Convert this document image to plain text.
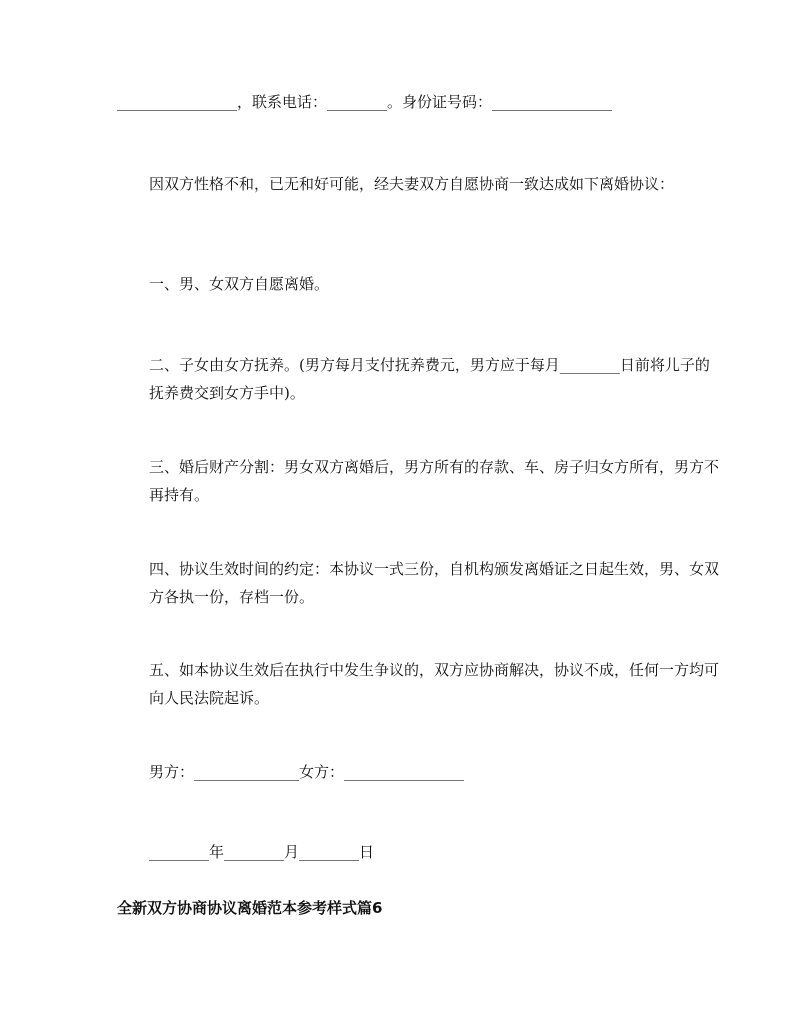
________________，联系电话：________。身份证号码：________________
因双方性格不和，已无和好可能，经夫妻双方自愿协商一致达成如下离婚协议：
一、男、女双方自愿离婚。
二、子女由女方抚养。(男方每月支付抚养费元，男方应于每月________日前将儿子的抚养费交到女方手中)。
三、婚后财产分割：男女双方离婚后，男方所有的存款、车、房子归女方所有，男方不再持有。
四、协议生效时间的约定：本协议一式三份，自机构颁发离婚证之日起生效，男、女双方各执一份，存档一份。
五、如本协议生效后在执行中发生争议的，双方应协商解决，协议不成，任何一方均可向人民法院起诉。
男方：______________女方：________________
________年________月________日
全新双方协商协议离婚范本参考样式篇6
